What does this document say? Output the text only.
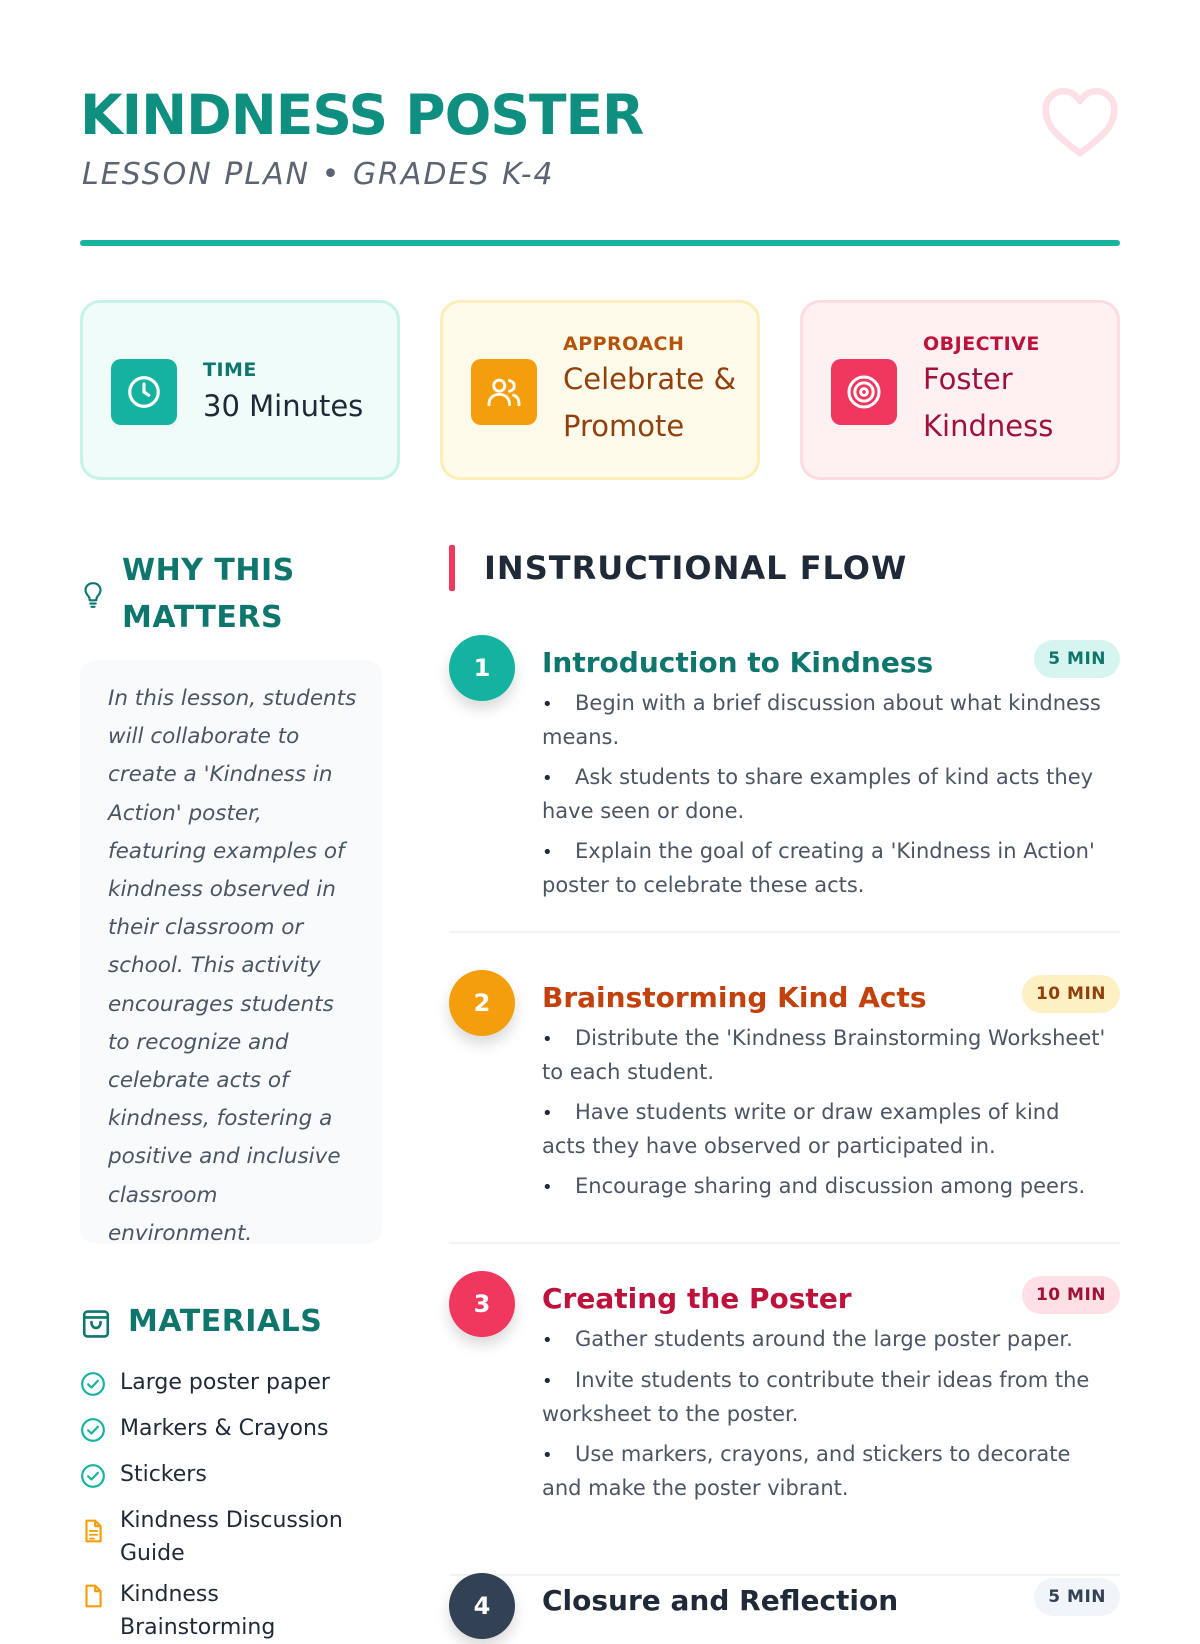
KINDNESS POSTER
LESSON PLAN • GRADES K-4
TIME
30 Minutes
APPROACH
Celebrate &
Promote
OBJECTIVE
Foster
Kindness
WHY THIS MATTERS

In this lesson, students will collaborate to create a 'Kindness in Action' poster, featuring examples of kindness observed in their classroom or school. This activity encourages students to recognize and celebrate acts of kindness, fostering a positive and inclusive classroom environment.

MATERIALS
Large poster paper
Markers & Crayons
Stickers
Kindness Discussion Guide
Kindness Brainstorming
INSTRUCTIONAL FLOW
1	Introduction to Kindness	5 MIN
• Begin with a brief discussion about what kindness means.
• Ask students to share examples of kind acts they have seen or done.
• Explain the goal of creating a 'Kindness in Action' poster to celebrate these acts.
2	Brainstorming Kind Acts	10 MIN
• Distribute the 'Kindness Brainstorming Worksheet' to each student.
• Have students write or draw examples of kind acts they have observed or participated in.
• Encourage sharing and discussion among peers.
3	Creating the Poster	10 MIN
• Gather students around the large poster paper.
• Invite students to contribute their ideas from the worksheet to the poster.
• Use markers, crayons, and stickers to decorate and make the poster vibrant.
4	Closure and Reflection	5 MIN
